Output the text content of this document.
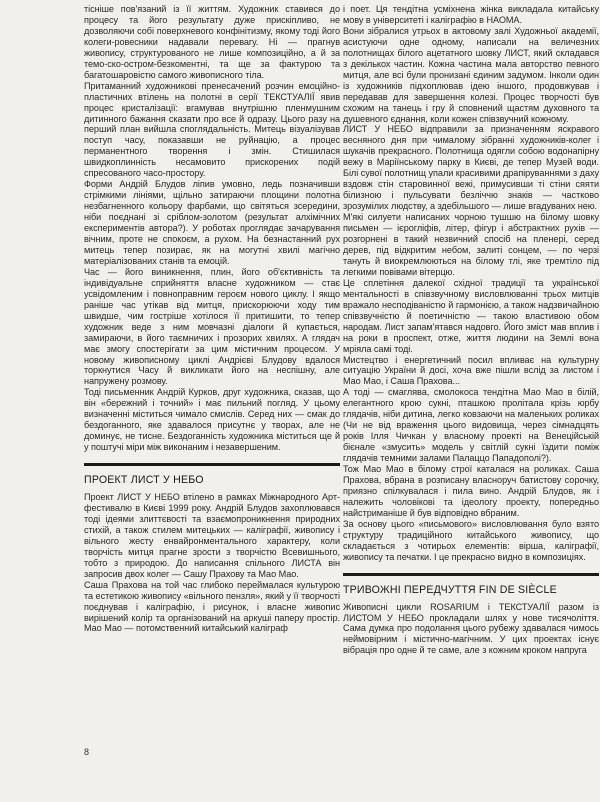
тісніше пов'язаний із її життям. Художник ставився до процесу та його результату дуже прискіпливо, не дозволяючи собі поверхневого конфінітизму, якому тоді його колеги-ровесники надавали перевагу. Ні — прагнув живопису, структурованого не лише композиційно, а й за темо-ско-остром-безкоментні, та ще за фактурою та багатошаровістю самого живописного тіла.

Притаманний художникові пренесачений розчин емоційно-пластичних втілень на полотні в серії ТЕКСТУАЛІЇ явив процес кристалізації: вгамував внутрішню пленмушним дитинного бажання сказати про все й одразу. Цього разу на перший план вийшла споглядальність. Митець візуалізував поступ часу, показавши не руйнацію, а процес перманентного творення і змін. Стишилася швидкоплинність несамовито прискорених подій спресованого часо-простору.

Форми Андрій Блудов ліпив умовно, ледь позначивши стрімкими лініями, щільно затираючи площини полотна незбагненного кольору фарбами, що світяться зсередини, ніби поєднані зі сріблом-золотом (результат алхімічних експериментів автора?). У роботах проглядає зачарування вічним, проте не спокоєм, а рухом. На безнастанний рух митець тепер позирає, як на могутні хвилі магічно матеріалізованих станів та емоцій.

Час — його виникнення, плин, його об'єктивність та індивідуальне сприйняття власне художником — стає усвідомленим і повноправним героєм нового циклу. І якщо раніше час утікав від митця, прискорюючи ходу тим швидше, чим гостріше хотілося її притишити, то тепер художник веде з ним мовчазні діалоги й купається, замираючи, в його таємничих і прозорих хвилях. А глядач має змогу спостерігати за цим містичним процесом. У новому живописному циклі Андрієві Блудову вдалося торкнутися Часу й викликати його на неспішну, але напружену розмову.

Тоді письменник Андрій Курков, друг художника, сказав, що він «бережний і точний» і має пильний погляд. У цьому визначенні міститься чимало смислів. Серед них — смак до бездоганного, яке здавалося присутнє у творах, але не доминує, не тисне. Бездоганність художника міститься ще й у поштучі міри між виконаним і незавершеним.

ПРОЕКТ ЛИСТ У НЕБО

Проект ЛИСТ У НЕБО втілено в рамках Міжнародного Арт-фестивалю в Києві 1999 року. Андрій Блудов захоплювався тоді ідеями злиттєвості та взаємопроникнення природних стихій, а також стилем митецьких — каліграфії, живопису і вільного жесту енвайронментального характеру, коли творчість митця прагне зрости з творчістю Всевишнього, тобто з природою. До написання спільного ЛИСТА він запросив двох колег — Сашу Прахову та Мао Мао.

Саша Прахова на той час глибоко переймалася культурою та естетикою живопису «вільного пензля», який у її творчості поєднував і каліграфію, і рисунок, і власне живопис вирішений колір та організований на аркуші паперу простір. Мао Мао — потомственний китайський каліграф

і поет. Ця тендітна усміхнена жінка викладала китайську мову в університеті і каліграфію в НАОМА.

Вони зібралися утрьох в актовому залі Художньої академії, асистуючи одне одному, написали на величезних полотнищах білого ацетатного шовку ЛИСТ, який складався з декількох частин. Кожна частина мала авторство певного митця, але всі були пронизані єдиним задумом. Інколи один із художників підхоплював ідею іншого, продовжував і передавав для завершення колезі. Процес творчості був схожим на танець і гру й сповнений щастям духовного та душевного єднання, коли кожен співзвучний кожному.

ЛИСТ У НЕБО відправили за призначенням яскравого весняного дня при чималому зібранні художників-колег і шукачів прекрасного. Полотнища одягли собою водонапірну вежу в Маріїнському парку в Києві, де тепер Музей води. Білі сувої полотнищ упали красивими драпіруваннями з даху вздовж стін старовинної вежі, примусивши ті стіни сяяти білизною і пульсувати безліччю знаків — частково зрозумілих людству, а здебільшого — лише вгадуваних нею.

М'які силуети написаних чорною тушшю на білому шовку письмен — ієрогліфів, літер, фігур і абстрактних рухів — розгорнені в такий незвичний спосіб на пленері, серед дерев, під відкритим небом, залиті сонцем, — по черзі тануть й виокремлюються на білому тлі, яке тремтіло під легкими повівами вітерцю.

Це сплетіння далекої східної традиції та української ментальності в співзвучному висловлюванні трьох митців вражало несподіваністю й гармонією, а також надзвичайною співзвучністю й поетичністю — такою властивою обом народам. Лист запам'ятався надовго. Його зміст мав вплив і на роки в проспект, отже, життя людини на Землі вона мріяла самі тоді.

Мистецтво і енергетичний посил впливає на культурну ситуацію України й досі, хоча вже пішли вслід за листом і Мао Мао, і Саша Прахова...

А тоді — смаглява, смолокоса тендітна Мао Мао в білій, елегантного крою сукні, пташкою пролітала крізь юрбу глядачів, ніби дитина, легко ковзаючи на маленьких роликах (Чи не від враження цього видовища, через сімнадцять років Ілля Чичкан у власному проекті на Венеційській бієнале «змусить» модель у світлій сукні їздити поміж глядачів темними залами Палаццо Пападополі?).

Тож Мао Мао в білому строї каталася на роликах. Саша Прахова, вбрана в розписану власноруч батистову сорочку, приязно спілкувалася і пила вино. Андрій Блудов, як і належить чоловікові та ідеологу проекту, попередньо найстриманіше й був відповідно вбраним.

За основу цього «письмового» висловлювання було взято структуру традиційного китайського живопису, що складається з чотирьох елементів: вірша, каліграфії, живопису та печатки. І це прекрасно видно в композиціях.

ТРИВОЖНІ ПЕРЕДЧУТТЯ FIN DE SIÈCLE

Живописні цикли ROSARIUM і ТЕКСТУАЛІЇ разом із ЛИСТОМ У НЕБО прокладали шлях у нове тисячоліття. Сама думка про подолання цього рубежу здавалася чимось неймовірним і містично-магічним. У цих проектах існує вібрація про одне й те саме, але з кожним кроком напруга

8
